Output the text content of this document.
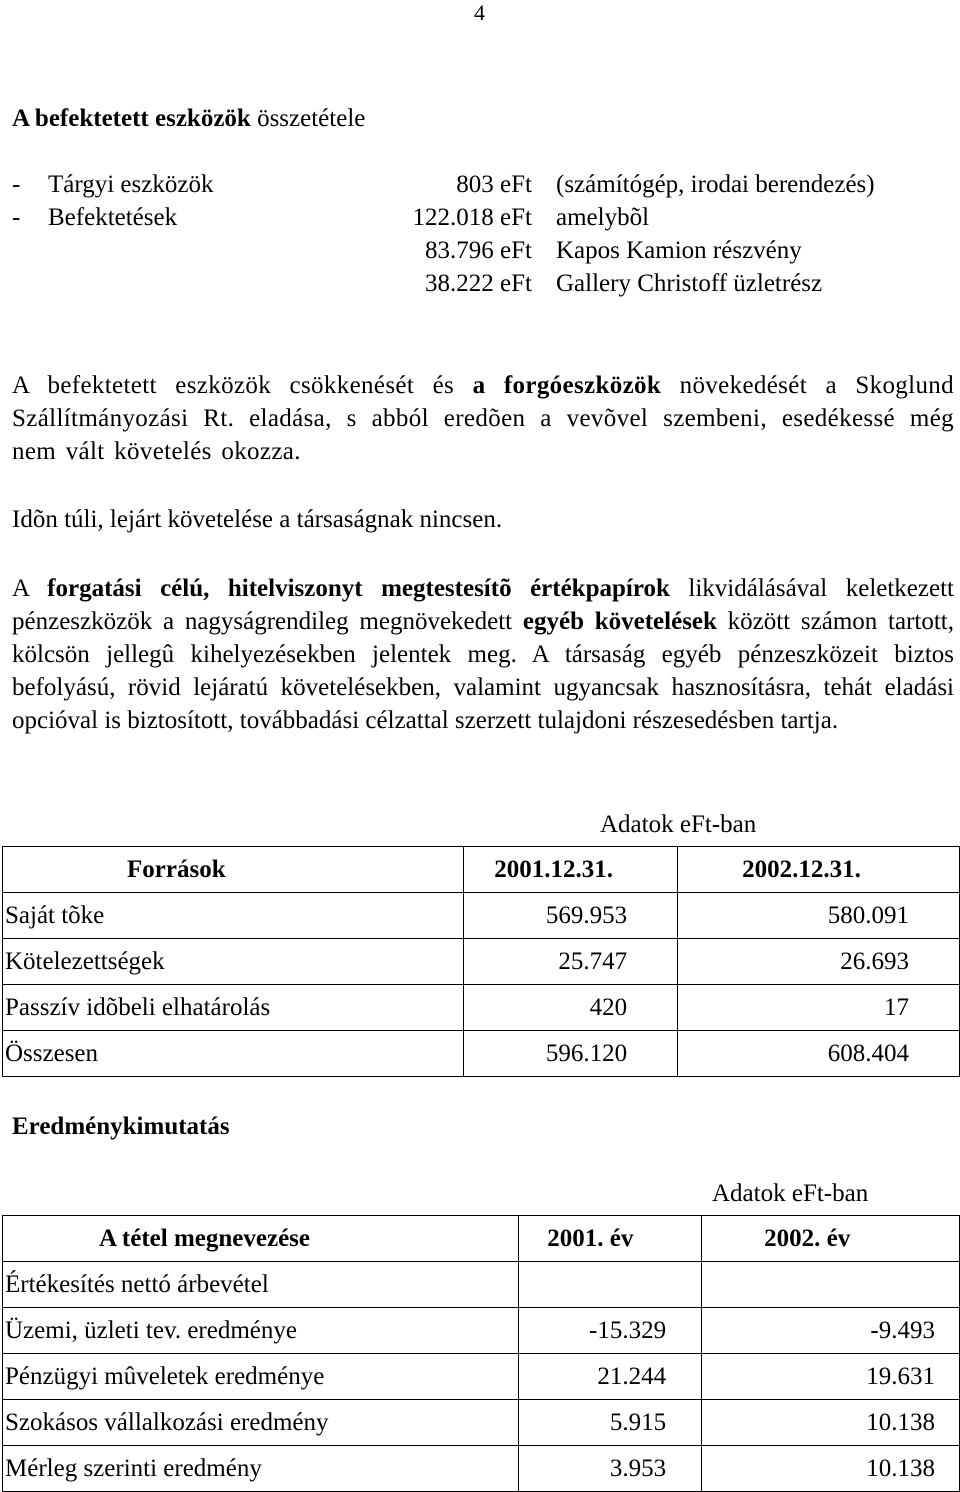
4
A befektetett eszközök összetétele
- Tárgyi eszközök	803 eFt (számítógép, irodai berendezés)
- Befektetések	122.018 eFt amelybõl
83.796 eFt Kapos Kamion részvény
38.222 eFt Gallery Christoff üzletrész

A befektetett eszközök csökkenését és a forgóeszközök növekedését a Skoglund Szállítmányozási Rt. eladása, s abból eredõen a vevõvel szembeni, esedékessé még nem vált követelés okozza.

Idõn túli, lejárt követelése a társaságnak nincsen.

A forgatási célú, hitelviszonyt megtestesítõ értékpapírok likvidálásával keletkezett pénzeszközök a nagyságrendileg megnövekedett egyéb követelések között számon tartott, kölcsön jellegû kihelyezésekben jelentek meg. A társaság egyéb pénzeszközeit biztos befolyású, rövid lejáratú követelésekben, valamint ugyancsak hasznosításra, tehát eladási opcióval is biztosított, továbbadási célzattal szerzett tulajdoni részesedésben tartja.

Adatok eFt-ban
Források	2001.12.31.	2002.12.31.
Saját tõke	569.953	580.091
Kötelezettségek	25.747	26.693
Passzív idõbeli elhatárolás	420	17
Összesen	596.120	608.404
Eredménykimutatás
Adatok eFt-ban
A tétel megnevezése	2001. év	2002. év
Értékesítés nettó árbevétel		
Üzemi, üzleti tev. eredménye	-15.329	-9.493
Pénzügyi mûveletek eredménye	21.244	19.631
Szokásos vállalkozási eredmény	5.915	10.138
Mérleg szerinti eredmény	3.953	10.138
